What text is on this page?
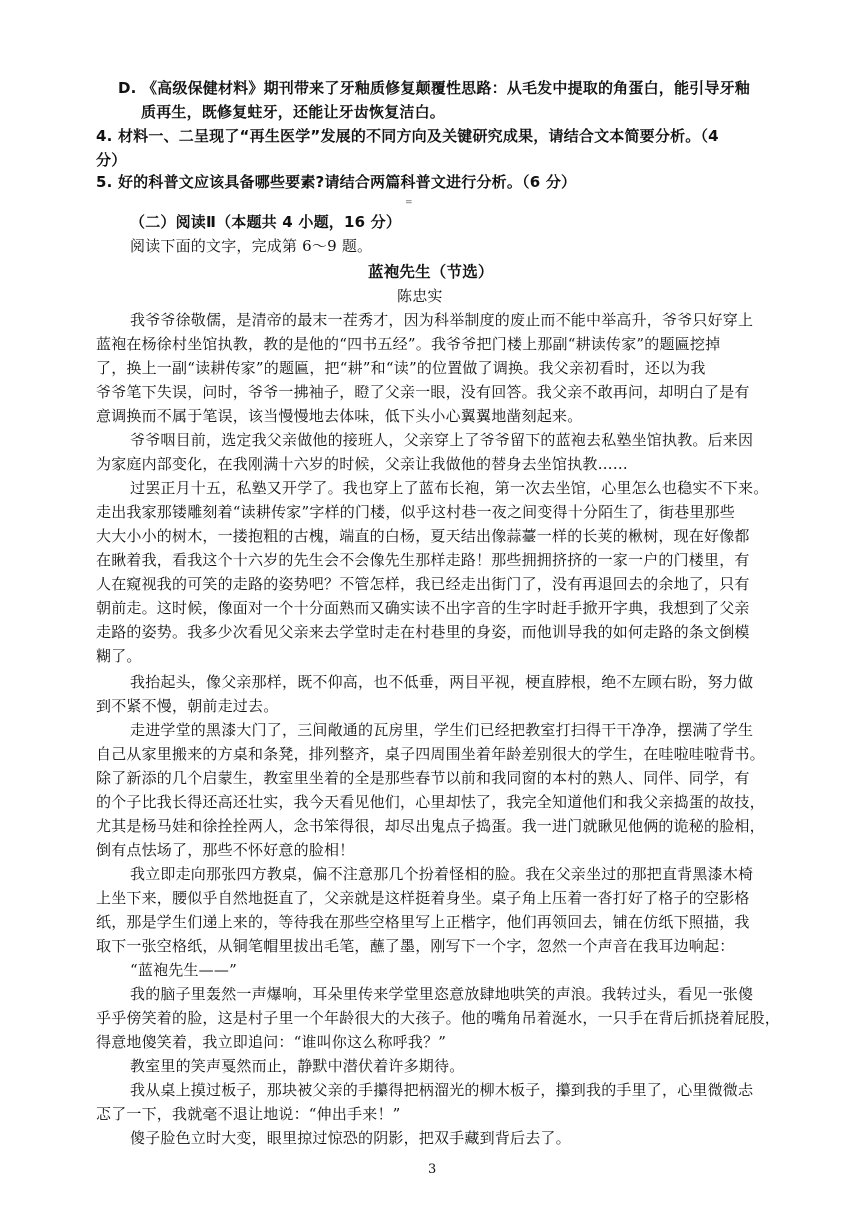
D. 《高级保健材料》期刊带来了牙釉质修复颠覆性思路：从毛发中提取的角蛋白，能引导牙釉
质再生，既修复蛀牙，还能让牙齿恢复洁白。
4. 材料一、二呈现了“再生医学”发展的不同方向及关键研究成果，请结合文本简要分析。（4
分）
5. 好的科普文应该具备哪些要素?请结合两篇科普文进行分析。（6 分）
=
（二）阅读Ⅱ（本题共 4 小题，16 分）
阅读下面的文字，完成第 6～9 题。
蓝袍先生（节选）
陈忠实
我爷爷徐敬儒，是清帝的最末一茬秀才，因为科举制度的废止而不能中举高升，爷爷只好穿上
蓝袍在杨徐村坐馆执教，教的是他的“四书五经”。我爷爷把门楼上那副“耕读传家”的题匾挖掉
了，换上一副“读耕传家”的题匾，把“耕”和“读”的位置做了调换。我父亲初看时，还以为我
爷爷笔下失误，问时，爷爷一拂袖子，瞪了父亲一眼，没有回答。我父亲不敢再问，却明白了是有
意调换而不属于笔误，该当慢慢地去体味，低下头小心翼翼地凿刻起来。
爷爷咽目前，选定我父亲做他的接班人，父亲穿上了爷爷留下的蓝袍去私塾坐馆执教。后来因
为家庭内部变化，在我刚满十六岁的时候，父亲让我做他的替身去坐馆执教……
过罢正月十五，私塾又开学了。我也穿上了蓝布长袍，第一次去坐馆，心里怎么也稳实不下来。
走出我家那镂雕刻着“读耕传家”字样的门楼，似乎这村巷一夜之间变得十分陌生了，街巷里那些
大大小小的树木，一搂抱粗的古槐，端直的白杨，夏天结出像蒜薹一样的长荚的楸树，现在好像都
在瞅着我，看我这个十六岁的先生会不会像先生那样走路！那些拥拥挤挤的一家一户的门楼里，有
人在窥视我的可笑的走路的姿势吧？不管怎样，我已经走出街门了，没有再退回去的余地了，只有
朝前走。这时候，像面对一个十分面熟而又确实读不出字音的生字时赶手掀开字典，我想到了父亲
走路的姿势。我多少次看见父亲来去学堂时走在村巷里的身姿，而他训导我的如何走路的条文倒模
糊了。
我抬起头，像父亲那样，既不仰高，也不低垂，两目平视，梗直脖根，绝不左顾右盼，努力做
到不紧不慢，朝前走过去。
走进学堂的黑漆大门了，三间敞通的瓦房里，学生们已经把教室打扫得干干净净，摆满了学生
自己从家里搬来的方桌和条凳，排列整齐，桌子四周围坐着年龄差别很大的学生，在哇啦哇啦背书。
除了新添的几个启蒙生，教室里坐着的全是那些春节以前和我同窗的本村的熟人、同伴、同学，有
的个子比我长得还高还壮实，我今天看见他们，心里却怯了，我完全知道他们和我父亲捣蛋的故技，
尤其是杨马娃和徐拴拴两人，念书笨得很，却尽出鬼点子捣蛋。我一进门就瞅见他俩的诡秘的脸相，
倒有点怯场了，那些不怀好意的脸相！
我立即走向那张四方教桌，偏不注意那几个扮着怪相的脸。我在父亲坐过的那把直背黑漆木椅
上坐下来，腰似乎自然地挺直了，父亲就是这样挺着身坐。桌子角上压着一沓打好了格子的空影格
纸，那是学生们递上来的，等待我在那些空格里写上正楷字，他们再领回去，铺在仿纸下照描，我
取下一张空格纸，从铜笔帽里拔出毛笔，蘸了墨，刚写下一个字，忽然一个声音在我耳边响起：
“蓝袍先生——”
我的脑子里轰然一声爆响，耳朵里传来学堂里恣意放肆地哄笑的声浪。我转过头，看见一张傻
乎乎傍笑着的脸，这是村子里一个年龄很大的大孩子。他的嘴角吊着涎水，一只手在背后抓挠着屁股，
得意地傻笑着，我立即追问：“谁叫你这么称呼我？”
教室里的笑声戛然而止，静默中潜伏着许多期待。
我从桌上摸过板子，那块被父亲的手攥得把柄溜光的柳木板子，攥到我的手里了，心里微微忐
忑了一下，我就毫不退让地说：“伸出手来！”
傻子脸色立时大变，眼里掠过惊恐的阴影，把双手藏到背后去了。
3
